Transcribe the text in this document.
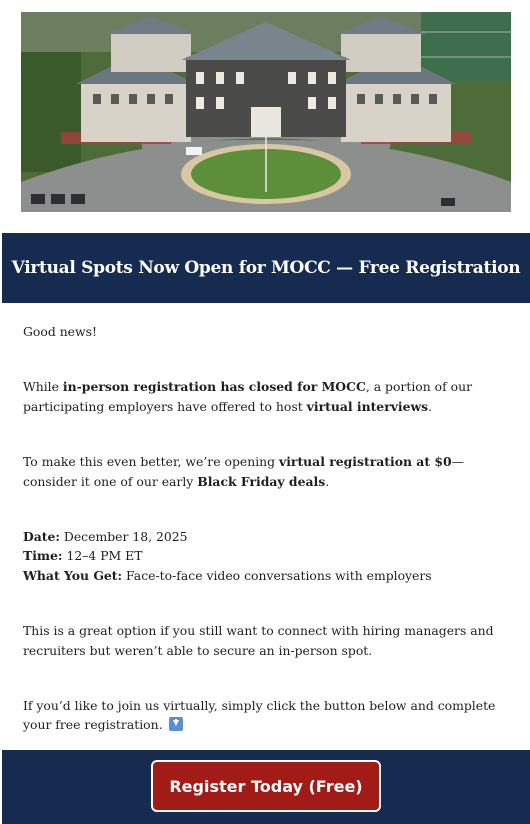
Virtual Spots Now Open for MOCC — Free Registration

Good news!

While in-person registration has closed for MOCC, a portion of our participating employers have offered to host virtual interviews.

To make this even better, we’re opening virtual registration at $0—consider it one of our early Black Friday deals.

Date: December 18, 2025

Time: 12–4 PM ET

What You Get: Face-to-face video conversations with employers

This is a great option if you still want to connect with hiring managers and recruiters but weren’t able to secure an in-person spot.

If you’d like to join us virtually, simply click the button below and complete your free registration.

Register Today (Free)
